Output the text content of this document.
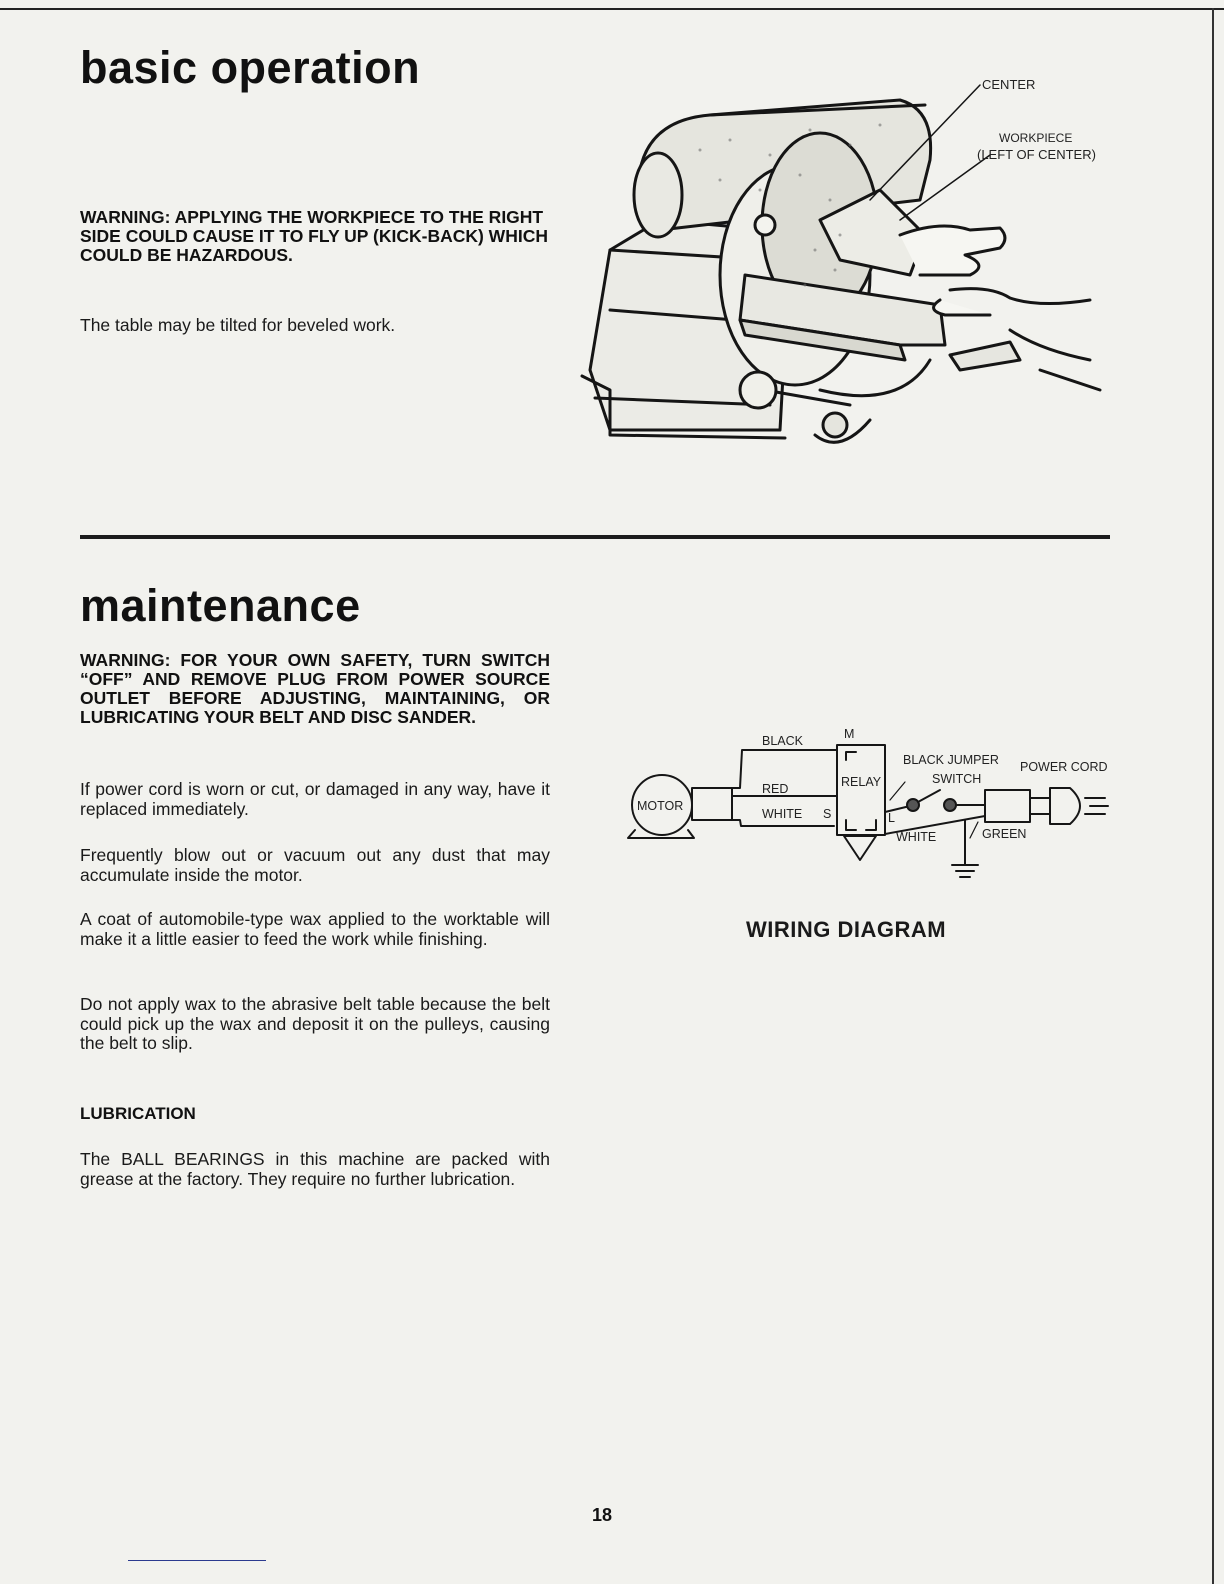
basic operation

WARNING: APPLYING THE WORKPIECE TO THE RIGHT SIDE COULD CAUSE IT TO FLY UP (KICK-BACK) WHICH COULD BE HAZARDOUS.

The table may be tilted for beveled work.

CENTER
WORKPIECE
(LEFT OF CENTER)
maintenance

WARNING: FOR YOUR OWN SAFETY, TURN SWITCH “OFF” AND REMOVE PLUG FROM POWER SOURCE OUTLET BEFORE ADJUSTING, MAINTAINING, OR LUBRICATING YOUR BELT AND DISC SANDER.

If power cord is worn or cut, or damaged in any way, have it replaced immediately.

Frequently blow out or vacuum out any dust that may accumulate inside the motor.

A coat of automobile-type wax applied to the worktable will make it a little easier to feed the work while finishing.

Do not apply wax to the abrasive belt table because the belt could pick up the wax and deposit it on the pulleys, causing the belt to slip.

LUBRICATION

The BALL BEARINGS in this machine are packed with grease at the factory. They require no further lubrication.

BLACK
RED
WHITE
MOTOR
M
S	L
RELAY
BLACK JUMPER
SWITCH
POWER CORD
WHITE	GREEN

WIRING DIAGRAM

18
